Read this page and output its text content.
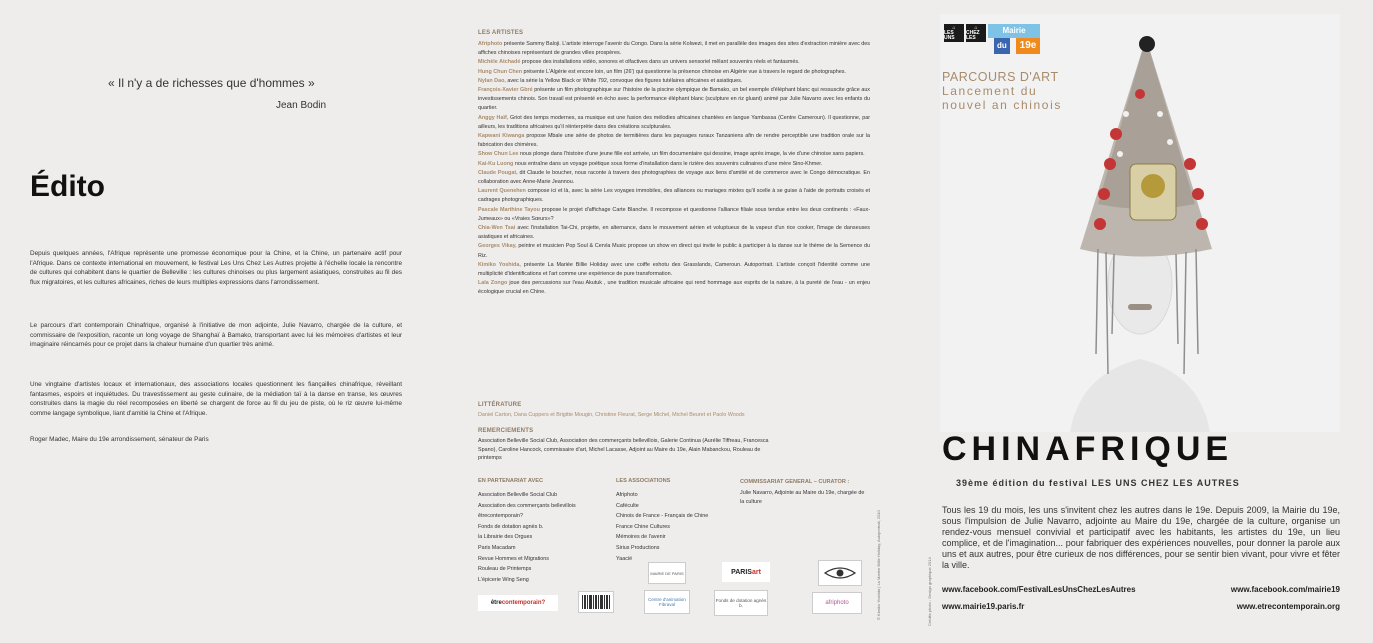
« Il n'y a de richesses que d'hommes »
Jean Bodin
Édito

Depuis quelques années, l'Afrique représente une promesse économique pour la Chine, et la Chine, un partenaire actif pour l'Afrique. Dans ce contexte international en mouvement, le festival Les Uns Chez Les Autres projette à l'échelle locale la rencontre de cultures qui cohabitent dans le quartier de Belleville : les cultures chinoises ou plus largement asiatiques, construites au fil des flux migratoires, et les cultures africaines, riches de leurs multiples expressions dans l'arrondissement.

Le parcours d'art contemporain Chinafrique, organisé à l'initiative de mon adjointe, Julie Navarro, chargée de la culture, et commissaire de l'exposition, raconte un long voyage de Shanghaï à Bamako, transportant avec lui les mémoires d'artistes et leur imaginaire réincarnés pour ce projet dans la chaleur humaine d'un quartier très animé.

Une vingtaine d'artistes locaux et internationaux, des associations locales questionnent les fiançailles chinafrique, réveillant fantasmes, espoirs et inquiétudes. Du travestissement au geste culinaire, de la médiation taï à la danse en transe, les œuvres construites dans la magie du réel recomposées en liberté se chargent de force au fil du jeu de piste, où le riz œuvre lui-même comme langage symbolique, liant d'amitié la Chine et l'Afrique.

Roger Madec, Maire du 19e arrondissement, sénateur de Paris

LES ARTISTES

Afriphoto présente Sammy Baloji. L'artiste interroge l'avenir du Congo. Dans la série Kolwezi, il met en parallèle des images des sites d'extraction minière avec des affiches chinoises représentant de grandes villes prospères.

Michèle Atchadé propose des installations vidéo, sonores et olfactives dans un univers sensoriel mêlant souvenirs réels et fantasmés.

Hung Chun Chen présente L'Algérie est encore loin, un film (26') qui questionne la présence chinoise en Algérie vue à travers le regard de photographes.

Nylan Dao, avec la série la Yellow Black or White 792, convoque des figures tutélaires africaines et asiatiques.

François-Xavier Gbré présente un film photographique sur l'histoire de la piscine olympique de Bamako, un bel exemple d'éléphant blanc qui ressuscite grâce aux investissements chinois. Son travail est présenté en écho avec la performance éléphant blanc (sculpture en riz gluant) animé par Julie Navarro avec les enfants du quartier.

Anggy Haïf, Griot des temps modernes, sa musique est une fusion des mélodies africaines chantées en langue Yambassa (Centre Cameroun). Il questionne, par ailleurs, les traditions africaines qu'il réinterprète dans des créations sculpturales.

Kapwani Kiwanga propose Mbale une série de photos de termitières dans les paysages ruraux Tanzaniens afin de rendre perceptible une tradition orale sur la fabrication des chimères.

Show Chun Lee nous plonge dans l'histoire d'une jeune fille est arrivée, un film documentaire qui dessine, image après image, la vie d'une chinoise sans papiers.

Kai-Ku Luong nous entraîne dans un voyage poétique sous forme d'installation dans le rizière des souvenirs culinaires d'une mère Sino-Khmer.

Claude Pougat, dit Claude le boucher, nous raconte à travers des photographies de voyage aux liens d'amitié et de commerce avec le Congo démocratique. En collaboration avec Anne-Marie Jeannou.

Laurent Quenehen compose ici et là, avec la série Les voyages immobiles, des alliances ou mariages mixtes qu'il scelle à se guise à l'aide de portraits croisés et cadrages photographiques.

Pascale Marthine Tayou propose le projet d'affichage Carte Blanche. Il recompose et questionne l'alliance filiale sous tendue entre les deux continents : «Faux- Jumeaux» ou «Vraies Sœurs»?

Chia-Wen Tsai avec l'installation Tai-Chi, projette, en alternance, dans le mouvement aérien et voluptueux de la vapeur d'un rice cooker, l'image de danseuses asiatiques et africaines.

Georges Vikay, peintre et musicien Pop Soul & Cervla Music propose un show en direct qui invite le public à participer à la danse sur le thème de la Semence du Riz.

Kimiko Yoshida, présente La Mariée Billie Holiday avec une coiffe exhotu des Grasslands, Cameroun. Autoportrait. L'artiste conçoit l'identité comme une multiplicité d'identifications et l'art comme une expérience de pure transformation.

Lala Zongo joue des percussions sur l'eau Akutuk , une tradition musicale africaine qui rend hommage aux esprits de la nature, à la pureté de l'eau - un enjeu écologique crucial en Chine.

LITTÉRATURE
Daniel Carton, Dana Cuppers et Brigitte Mougin, Christine Fleurat, Serge Michel, Michel Beuret et Paolo Woods
REMERCIEMENTS
Association Belleville Social Club, Association des commerçants bellevillois, Galerie Continua (Aurélie Tiffreau, Francesca Spano), Caroline Hancock, commissaire d'art, Michel Lacasse, Adjoint au Maire du 19e, Alain Mabanckou, Rouleau de printemps
EN PARTENARIAT AVEC
Association Belleville Social Club
Association des commerçants bellevillois
êtrecontemporain?
Fonds de dotation agnès b.
la Librairie des Orgues
Paris Macadam
Revue Hommes et Migrations
Rouleau de Printemps
L'épicerie Wing Seng
LES ASSOCIATIONS
Afriphoto
Caféculte
Chinois de France - Français de Chine
France Chine Cultures
Mémoires de l'avenir
Sirius Productions
Yaacië
COMMISSARIAT GENERAL – CURATOR :
Julie Navarro, Adjointe au Maire du 19e, chargée de la culture
être contemporain ?
MAIRIE DE PARIS
Centre d'animation Fibraval
PARIS art
Fonds de dotation agnès b.	afriphoto	© Kimiko Yoshida | La Mariée Billie Holiday, Autoportrait, 2010	Crédits photo - Design graphique 2014
⌂
LES UNS
⌂
CHEZ LES
Mairie
du	19e
PARCOURS D'ART
Lancement du
nouvel an chinois
CHINAFRIQUE
39ème édition du festival LES UNS CHEZ LES AUTRES

Tous les 19 du mois, les uns s'invitent chez les autres dans le 19e. Depuis 2009, la Mairie du 19e, sous l'impulsion de Julie Navarro, adjointe au Maire du 19e, chargée de la culture, organise un rendez-vous mensuel convivial et participatif avec les habitants, les artistes du 19e, un lieu complice, et de l'imagination... pour fabriquer des expériences nouvelles, pour donner la parole aux uns et aux autres, pour être curieux de nos différences, pour se sentir bien vivant, pour vivre et fêter la ville.

www.facebook.com/FestivalLesUnsChezLesAutres	www.facebook.com/mairie19
www.mairie19.paris.fr	www.etrecontemporain.org
